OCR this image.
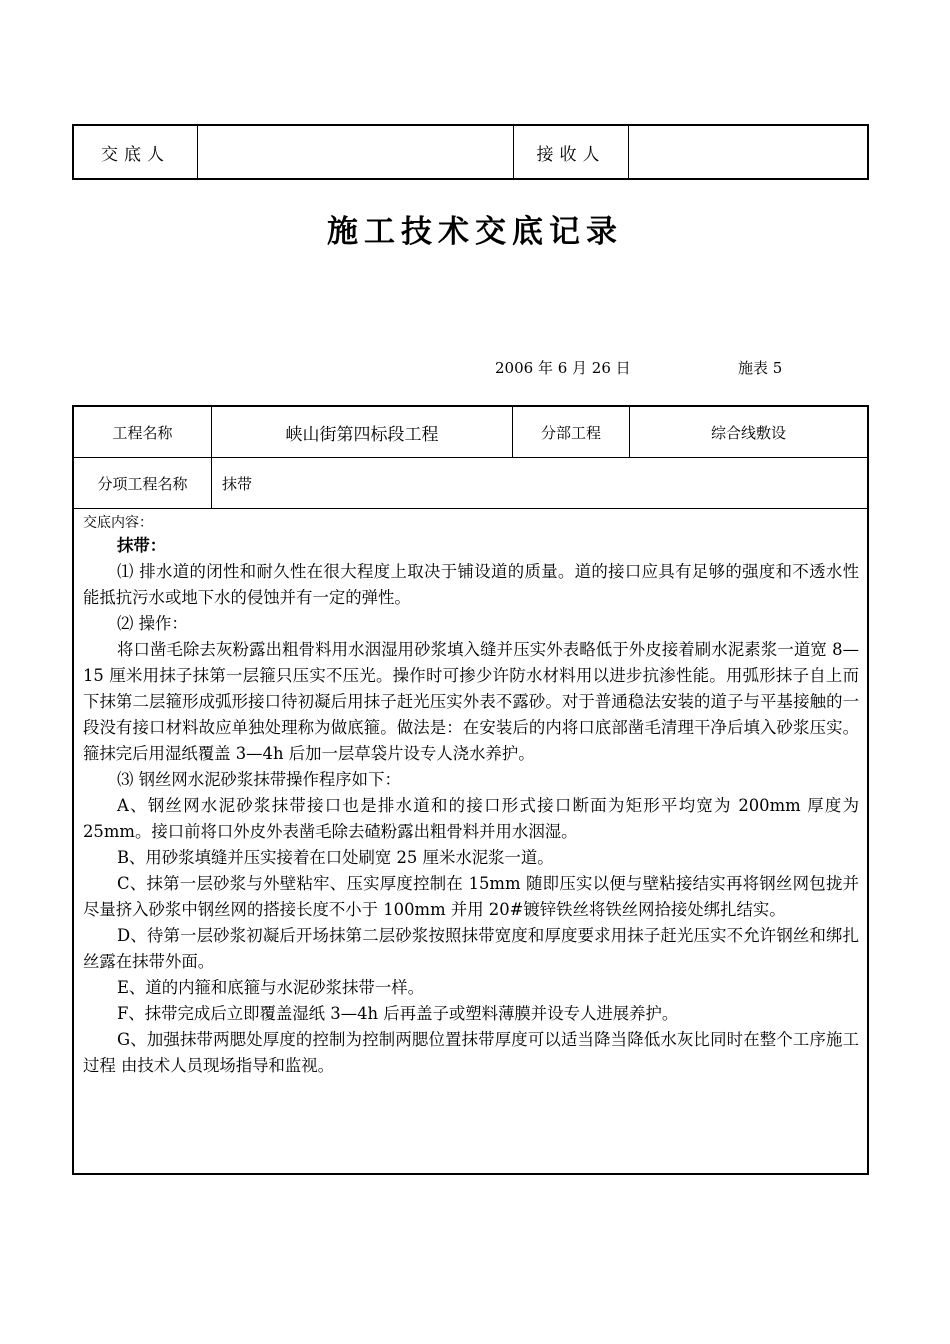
交底人	接收人
施工技术交底记录
2006 年 6 月 26 日	施表 5
工程名称	峡山街第四标段工程	分部工程	综合线敷设
分项工程名称	抹带
交底内容：

抹带：

⑴ 排水道的闭性和耐久性在很大程度上取决于铺设道的质量。道的接口应具有足够的强度和不透水性能抵抗污水或地下水的侵蚀并有一定的弹性。

⑵ 操作：

将口凿毛除去灰粉露出粗骨料用水洇湿用砂浆填入缝并压实外表略低于外皮接着刷水泥素浆一道宽 8—15 厘米用抹子抹第一层箍只压实不压光。操作时可掺少许防水材料用以进步抗渗性能。用弧形抹子自上而下抹第二层箍形成弧形接口待初凝后用抹子赶光压实外表不露砂。对于普通稳法安装的道子与平基接触的一段没有接口材料故应单独处理称为做底箍。做法是：在安装后的内将口底部凿毛清理干净后填入砂浆压实。箍抹完后用湿纸覆盖 3—4h 后加一层草袋片设专人浇水养护。

⑶ 钢丝网水泥砂浆抹带操作程序如下：

A、钢丝网水泥砂浆抹带接口也是排水道和的接口形式接口断面为矩形平均宽为 200mm 厚度为 25mm。接口前将口外皮外表凿毛除去碴粉露出粗骨料并用水洇湿。

B、用砂浆填缝并压实接着在口处刷宽 25 厘米水泥浆一道。

C、抹第一层砂浆与外壁粘牢、压实厚度控制在 15mm 随即压实以便与壁粘接结实再将钢丝网包拢并尽量挤入砂浆中钢丝网的搭接长度不小于 100mm 并用 20#镀锌铁丝将铁丝网拾接处绑扎结实。

D、待第一层砂浆初凝后开场抹第二层砂浆按照抹带宽度和厚度要求用抹子赶光压实不允许钢丝和绑扎丝露在抹带外面。

E、道的内箍和底箍与水泥砂浆抹带一样。

F、抹带完成后立即覆盖湿纸 3—4h 后再盖子或塑料薄膜并设专人进展养护。

G、加强抹带两腮处厚度的控制为控制两腮位置抹带厚度可以适当降当降低水灰比同时在整个工序施工过程 由技术人员现场指导和监视。
